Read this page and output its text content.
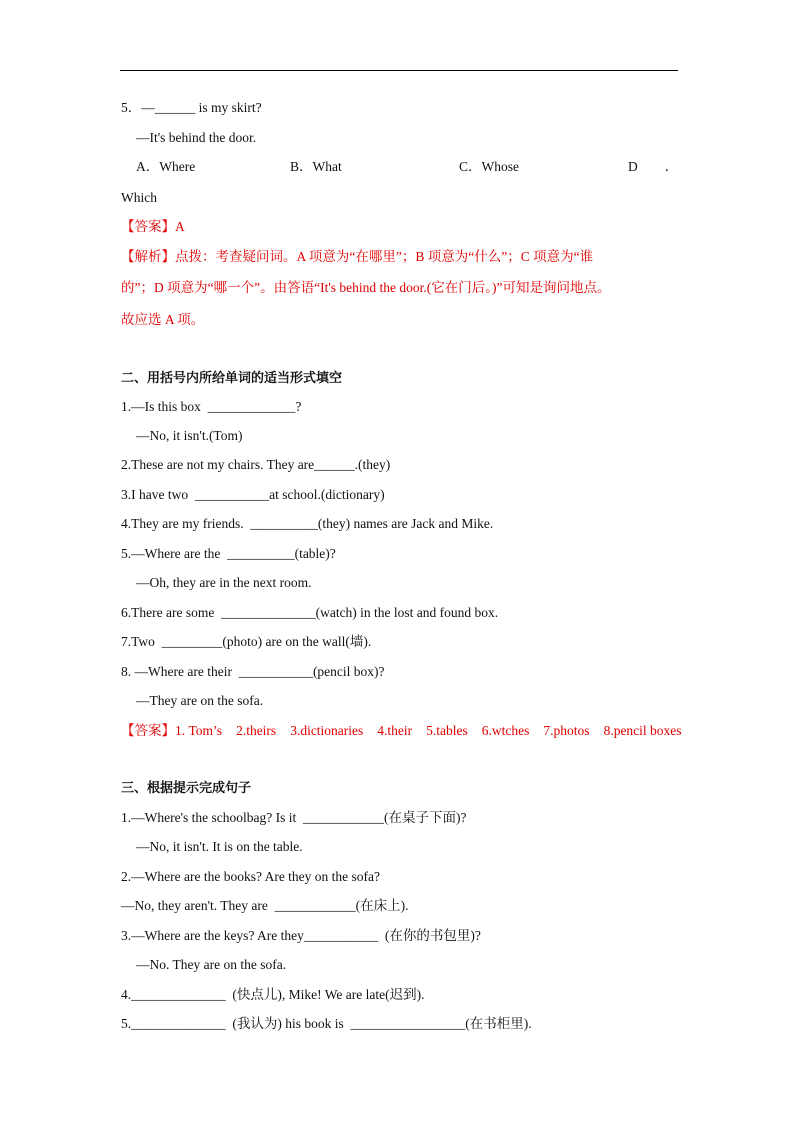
5．—______ is my skirt?
—It's behind the door.
A．Where	B．What	C．Whose	D　　．
Which
【答案】A
【解析】点拨：考查疑问词。A 项意为“在哪里”；B 项意为“什么”；C 项意为“谁
的”；D 项意为“哪一个”。由答语“It's behind the door.(它在门后。)”可知是询问地点。
故应选 A 项。
二、用括号内所给单词的适当形式填空
1.—Is this box  _____________?
—No, it isn't.(Tom)
2.These are not my chairs. They are______.(they)
3.I have two  ___________at school.(dictionary)
4.They are my friends.  __________(they) names are Jack and Mike.
5.—Where are the  __________(table)?
—Oh, they are in the next room.
6.There are some  ______________(watch) in the lost and found box.
7.Two  _________(photo) are on the wall(墙).
8. —Where are their  ___________(pencil box)?
—They are on the sofa.
【答案】1. Tom’s 2.theirs 3.dictionaries 4.their 5.tables 6.wtches 7.photos 8.pencil boxes
三、根据提示完成句子
1.—Where's the schoolbag? Is it  ____________(在桌子下面)?
—No, it isn't. It is on the table.
2.—Where are the books? Are they on the sofa?
—No, they aren't. They are  ____________(在床上).
3.—Where are the keys? Are they___________  (在你的书包里)?
—No. They are on the sofa.
4.______________  (快点儿), Mike! We are late(迟到).
5.______________  (我认为) his book is  _________________(在书柜里).
